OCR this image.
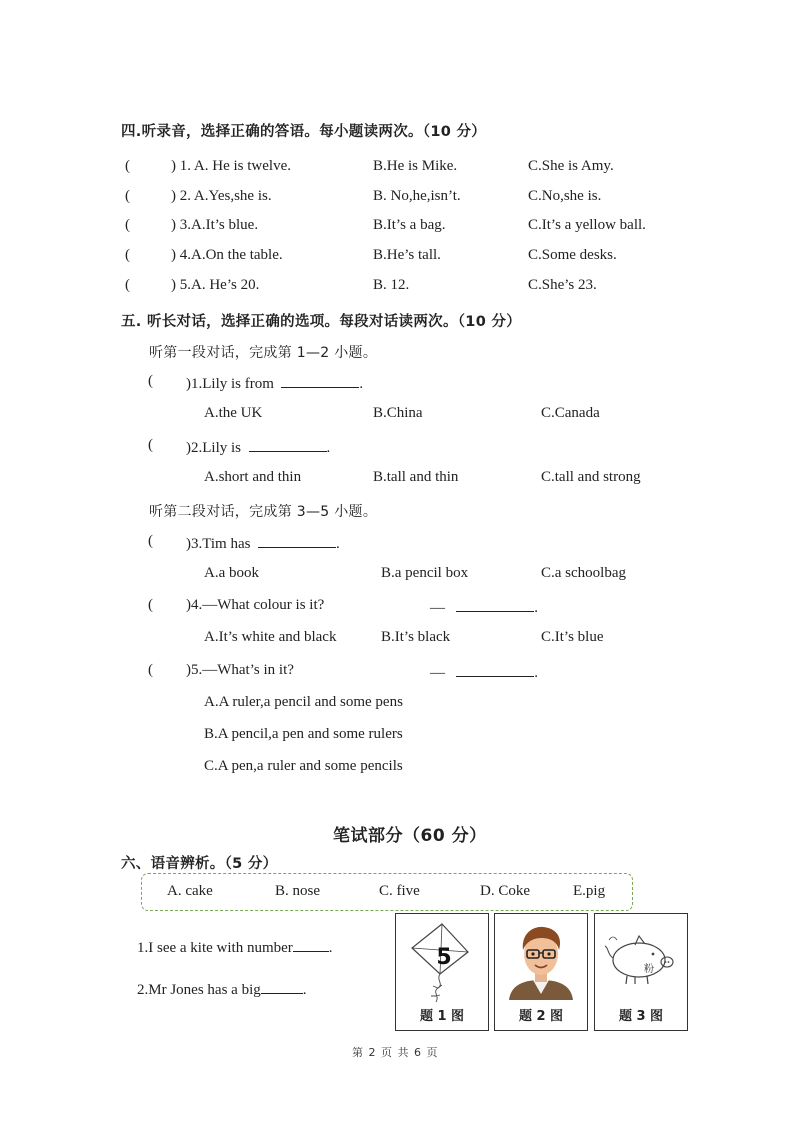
四.听录音，选择正确的答语。每小题读两次。（10 分）
(	) 1. A. He is twelve.	B.He is Mike.	C.She is Amy.
(	) 2. A.Yes,she is.	B. No,he,isn’t.	C.No,she is.
(	) 3.A.It’s blue.	B.It’s a bag.	C.It’s a yellow ball.
(	) 4.A.On the table.	B.He’s tall.	C.Some desks.
(	) 5.A. He’s 20.	B. 12.	C.She’s 23.
五. 听长对话，选择正确的选项。每段对话读两次。（10 分）
听第一段对话，完成第 1—2 小题。
( )1.Lily is from	.
A.the UK	B.China	C.Canada
( )2.Lily is	.
A.short and thin	B.tall and thin	C.tall and strong
听第二段对话，完成第 3—5 小题。
( )3.Tim has	.
A.a book	B.a pencil box	C.a schoolbag
( )4.—What colour is it?	—	.
A.It’s white and black	B.It’s black	C.It’s blue
( )5.—What’s in it?	—	.
A.A ruler,a pencil and some pens
B.A pencil,a pen and some rulers
C.A pen,a ruler and some pencils
笔试部分（60 分）
六、语音辨析。（5 分）
A. cake	B. nose	C. five	D. Coke	E.pig
1.I see a kite with number .
2.Mr Jones has a big	.
5
题 1 图	题 2 图
粉
题 3 图
第 2 页 共 6 页
